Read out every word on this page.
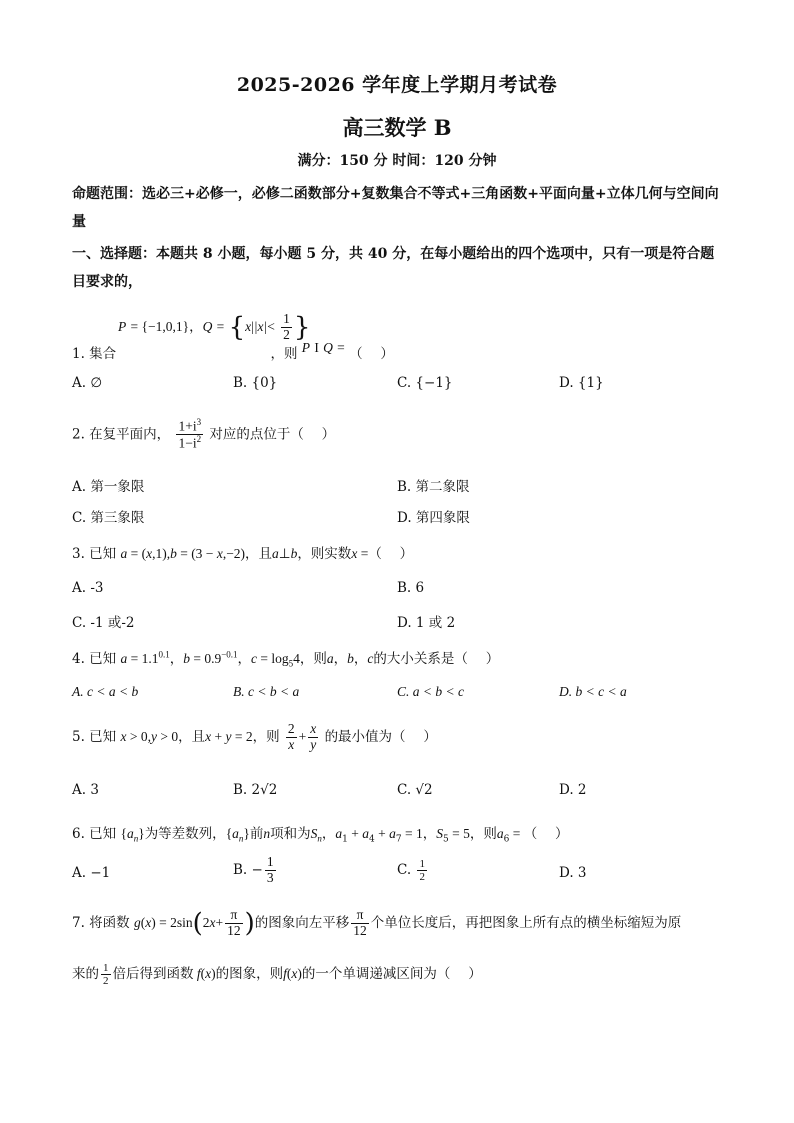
2025-2026 学年度上学期月考试卷
高三数学 B
满分：150 分 时间：120 分钟
命题范围：选必三+必修一，必修二函数部分+复数集合不等式+三角函数+平面向量+立体几何与空间向量
一、选择题：本题共 8 小题，每小题 5 分，共 40 分，在每小题给出的四个选项中，只有一项是符合题目要求的，
P = {−1,0,1}，$Q = \{x||x|< \frac{1}{2}$ }
1. 集合	，则 P I Q = （　 ）
A. ∅	B. {0}	C. {−1}	D. {1}
2. 在复平面内， $\frac{1+i^3}{1-i^2}$ 对应的点位于（　 ）
A. 第一象限	B. 第二象限
C. 第三象限	D. 第四象限
3. 已知 a = (x,1),b = (3 − x,−2)，且a⊥b，则实数x =（　 ）
A. -3	B. 6
C. -1 或-2	D. 1 或 2
4. 已知 $a = 1.1^{0.1}$，$b = 0.9^{-0.1}$，$c = \log_54$，则a，b，c的大小关系是（　 ）
A. c < a < b	B. c < b < a	C. a < b < c	D. b < c < a
5. 已知 x > 0,y > 0，且x + y = 2，则 $\frac{2}{x} + \frac{x}{y}$ 的最小值为（　 ）
A. 3	B. 2√2	C. √2	D. 2
6. 已知 $\{a_n\}$为等差数列，$\{a_n\}$前n项和为$S_n$，$a_1 + a_4 + a_7 = 1$，$S_5 = 5$，则$a_6$ = （　 ）
A. −1	B. − $\frac{1}{3}$	C. $\frac{1}{2}$	D. 3
7. 将函数 $g(x) = 2\sin(2x+ \frac{\pi}{12}$ )的图象向左平移 $\frac{\pi}{12}$ 个单位长度后，再把图象上所有点的横坐标缩短为原
来的 $\frac{1}{2}$ 倍后得到函数 f(x)的图象，则f(x)的一个单调递减区间为（　 ）
